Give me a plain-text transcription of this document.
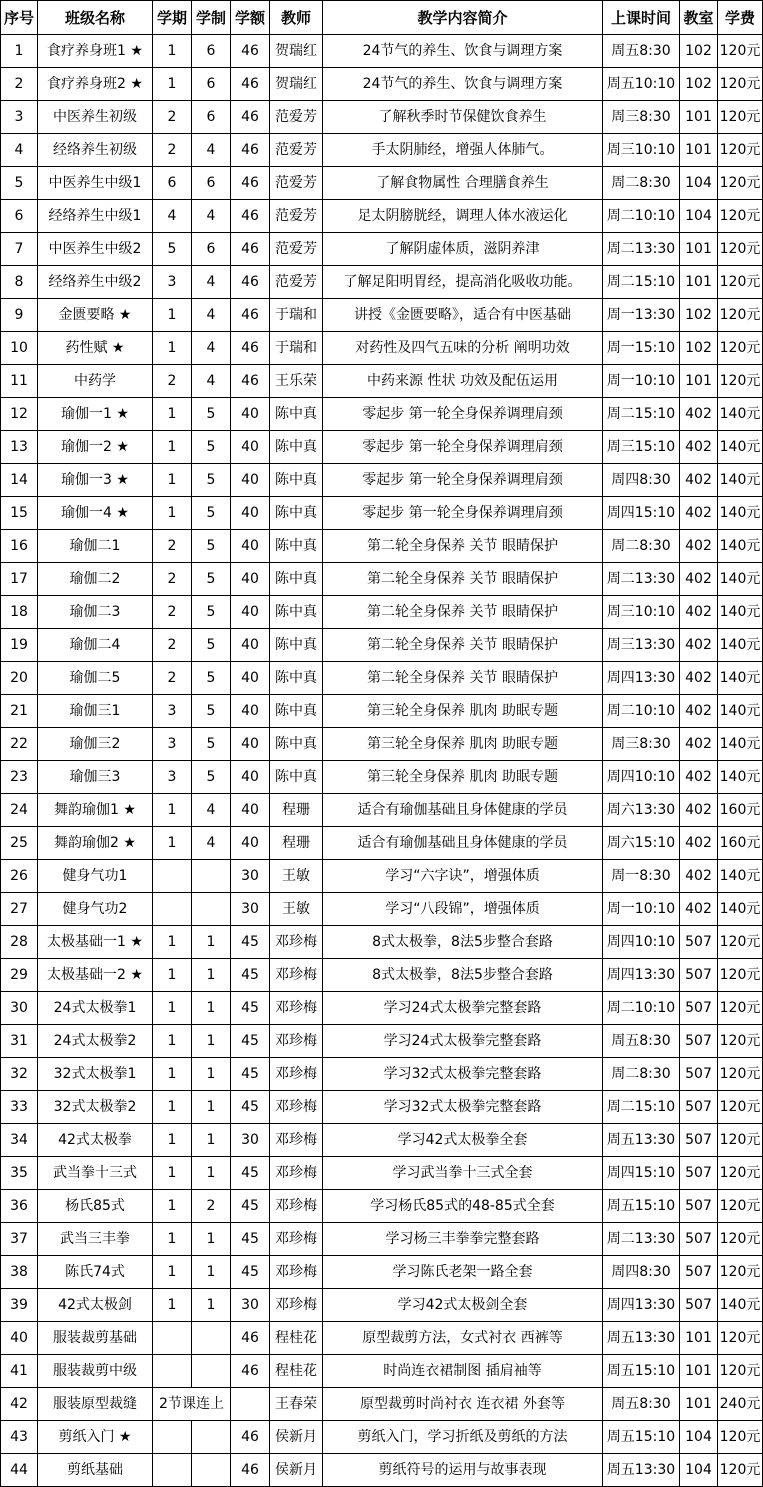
序号	班级名称	学期	学制	学额	教师	教学内容简介	上课时间	教室	学费
1	食疗养身班1 ★	1	6	46	贺瑞红	24节气的养生、饮食与调理方案	周五8:30	102	120元
2	食疗养身班2 ★	1	6	46	贺瑞红	24节气的养生、饮食与调理方案	周五10:10	102	120元
3	中医养生初级	2	6	46	范爱芳	了解秋季时节保健饮食养生	周三8:30	101	120元
4	经络养生初级	2	4	46	范爱芳	手太阴肺经，增强人体肺气。	周三10:10	101	120元
5	中医养生中级1	6	6	46	范爱芳	了解食物属性 合理膳食养生	周二8:30	104	120元
6	经络养生中级1	4	4	46	范爱芳	足太阴膀胱经，调理人体水液运化	周二10:10	104	120元
7	中医养生中级2	5	6	46	范爱芳	了解阴虚体质，滋阴养津	周二13:30	101	120元
8	经络养生中级2	3	4	46	范爱芳	了解足阳明胃经，提高消化吸收功能。	周二15:10	101	120元
9	金匮要略 ★	1	4	46	于瑞和	讲授《金匮要略》，适合有中医基础	周一13:30	102	120元
10	药性赋 ★	1	4	46	于瑞和	对药性及四气五味的分析 阐明功效	周一15:10	102	120元
11	中药学	2	4	46	王乐荣	中药来源 性状 功效及配伍运用	周一10:10	101	120元
12	瑜伽一1 ★	1	5	40	陈中真	零起步 第一轮全身保养调理肩颈	周二15:10	402	140元
13	瑜伽一2 ★	1	5	40	陈中真	零起步 第一轮全身保养调理肩颈	周三15:10	402	140元
14	瑜伽一3 ★	1	5	40	陈中真	零起步 第一轮全身保养调理肩颈	周四8:30	402	140元
15	瑜伽一4 ★	1	5	40	陈中真	零起步 第一轮全身保养调理肩颈	周四15:10	402	140元
16	瑜伽二1	2	5	40	陈中真	第二轮全身保养 关节 眼睛保护	周二8:30	402	140元
17	瑜伽二2	2	5	40	陈中真	第二轮全身保养 关节 眼睛保护	周二13:30	402	140元
18	瑜伽二3	2	5	40	陈中真	第二轮全身保养 关节 眼睛保护	周三10:10	402	140元
19	瑜伽二4	2	5	40	陈中真	第二轮全身保养 关节 眼睛保护	周三13:30	402	140元
20	瑜伽二5	2	5	40	陈中真	第二轮全身保养 关节 眼睛保护	周四13:30	402	140元
21	瑜伽三1	3	5	40	陈中真	第三轮全身保养 肌肉 助眠专题	周二10:10	402	140元
22	瑜伽三2	3	5	40	陈中真	第三轮全身保养 肌肉 助眠专题	周三8:30	402	140元
23	瑜伽三3	3	5	40	陈中真	第三轮全身保养 肌肉 助眠专题	周四10:10	402	140元
24	舞韵瑜伽1 ★	1	4	40	程珊	适合有瑜伽基础且身体健康的学员	周六13:30	402	160元
25	舞韵瑜伽2 ★	1	4	40	程珊	适合有瑜伽基础且身体健康的学员	周六15:10	402	160元
26	健身气功1			30	王敏	学习“六字诀”，增强体质	周一8:30	402	140元
27	健身气功2			30	王敏	学习“八段锦”，增强体质	周一10:10	402	140元
28	太极基础一1 ★	1	1	45	邓珍梅	8式太极拳，8法5步整合套路	周四10:10	507	120元
29	太极基础一2 ★	1	1	45	邓珍梅	8式太极拳，8法5步整合套路	周四13:30	507	120元
30	24式太极拳1	1	1	45	邓珍梅	学习24式太极拳完整套路	周二10:10	507	120元
31	24式太极拳2	1	1	45	邓珍梅	学习24式太极拳完整套路	周五8:30	507	120元
32	32式太极拳1	1	1	45	邓珍梅	学习32式太极拳完整套路	周二8:30	507	120元
33	32式太极拳2	1	1	45	邓珍梅	学习32式太极拳完整套路	周二15:10	507	120元
34	42式太极拳	1	1	30	邓珍梅	学习42式太极拳全套	周五13:30	507	120元
35	武当拳十三式	1	1	45	邓珍梅	学习武当拳十三式全套	周四15:10	507	120元
36	杨氏85式	1	2	45	邓珍梅	学习杨氏85式的48-85式全套	周五15:10	507	120元
37	武当三丰拳	1	1	45	邓珍梅	学习杨三丰拳拳完整套路	周二13:30	507	120元
38	陈氏74式	1	1	45	邓珍梅	学习陈氏老架一路全套	周四8:30	507	120元
39	42式太极剑	1	1	30	邓珍梅	学习42式太极剑全套	周四13:30	507	140元
40	服装裁剪基础			46	程桂花	原型裁剪方法，女式衬衣 西裤等	周五13:30	101	120元
41	服装裁剪中级			46	程桂花	时尚连衣裙制图 插肩袖等	周五15:10	101	120元
42	服装原型裁缝	2节课连上			王春荣	原型裁剪时尚衬衣 连衣裙 外套等	周五8:30	101	240元
43	剪纸入门 ★			46	侯新月	剪纸入门，学习折纸及剪纸的方法	周五15:10	104	120元
44	剪纸基础			46	侯新月	剪纸符号的运用与故事表现	周五13:30	104	120元
